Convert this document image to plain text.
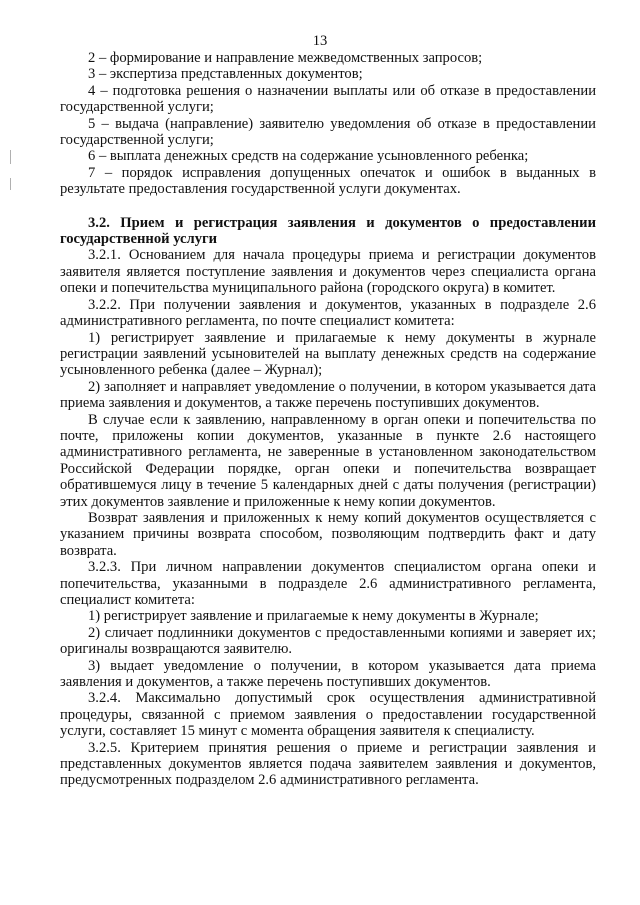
13

2 – формирование и направление межведомственных запросов;

3 – экспертиза представленных документов;

4 – подготовка решения о назначении выплаты или об отказе в предоставлении государственной услуги;

5 – выдача (направление) заявителю уведомления об отказе в предоставлении государственной услуги;

6 – выплата денежных средств на содержание усыновленного ребенка;

7 – порядок исправления допущенных опечаток и ошибок в выданных в результате предоставления государственной услуги документах.

3.2. Прием и регистрация заявления и документов о предоставлении государственной услуги

3.2.1. Основанием для начала процедуры приема и регистрации документов заявителя является поступление заявления и документов через специалиста органа опеки и попечительства муниципального района (городского округа) в комитет.

3.2.2. При получении заявления и документов, указанных в подразделе 2.6 административного регламента, по почте специалист комитета:

1) регистрирует заявление и прилагаемые к нему документы в журнале регистрации заявлений усыновителей на выплату денежных средств на содержание усыновленного ребенка (далее – Журнал);

2) заполняет и направляет уведомление о получении, в котором указывается дата приема заявления и документов, а также перечень поступивших документов.

В случае если к заявлению, направленному в орган опеки и попечительства по почте, приложены копии документов, указанные в пункте 2.6 настоящего административного регламента, не заверенные в установленном законодательством Российской Федерации порядке, орган опеки и попечительства возвращает обратившемуся лицу в течение 5 календарных дней с даты получения (регистрации) этих документов заявление и приложенные к нему копии документов.

Возврат заявления и приложенных к нему копий документов осуществляется с указанием причины возврата способом, позволяющим подтвердить факт и дату возврата.

3.2.3. При личном направлении документов специалистом органа опеки и попечительства, указанными в подразделе 2.6 административного регламента, специалист комитета:

1) регистрирует заявление и прилагаемые к нему документы в Журнале;

2) сличает подлинники документов с предоставленными копиями и заверяет их; оригиналы возвращаются заявителю.

3) выдает уведомление о получении, в котором указывается дата приема заявления и документов, а также перечень поступивших документов.

3.2.4. Максимально допустимый срок осуществления административной процедуры, связанной с приемом заявления о предоставлении государственной услуги, составляет 15 минут с момента обращения заявителя к специалисту.

3.2.5. Критерием принятия решения о приеме и регистрации заявления и представленных документов является подача заявителем заявления и документов, предусмотренных подразделом 2.6 административного регламента.
